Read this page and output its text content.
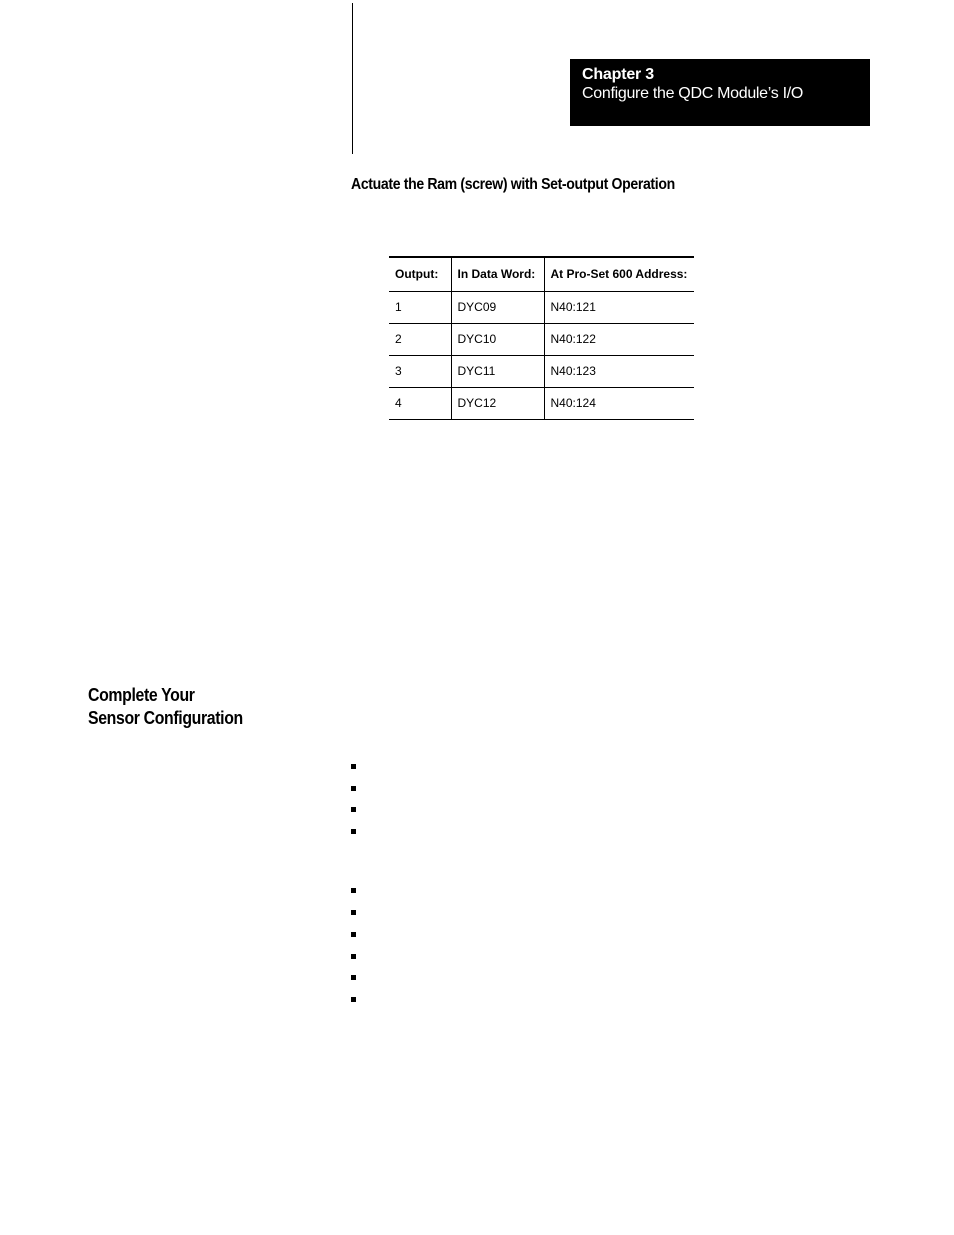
Chapter 3
Configure the QDC Module’s I/O
Actuate the Ram (screw) with Set-output Operation
Output:	In Data Word:	At Pro-Set 600 Address:
1	DYC09	N40:121
2	DYC10	N40:122
3	DYC11	N40:123
4	DYC12	N40:124
Complete Your
Sensor Configuration
